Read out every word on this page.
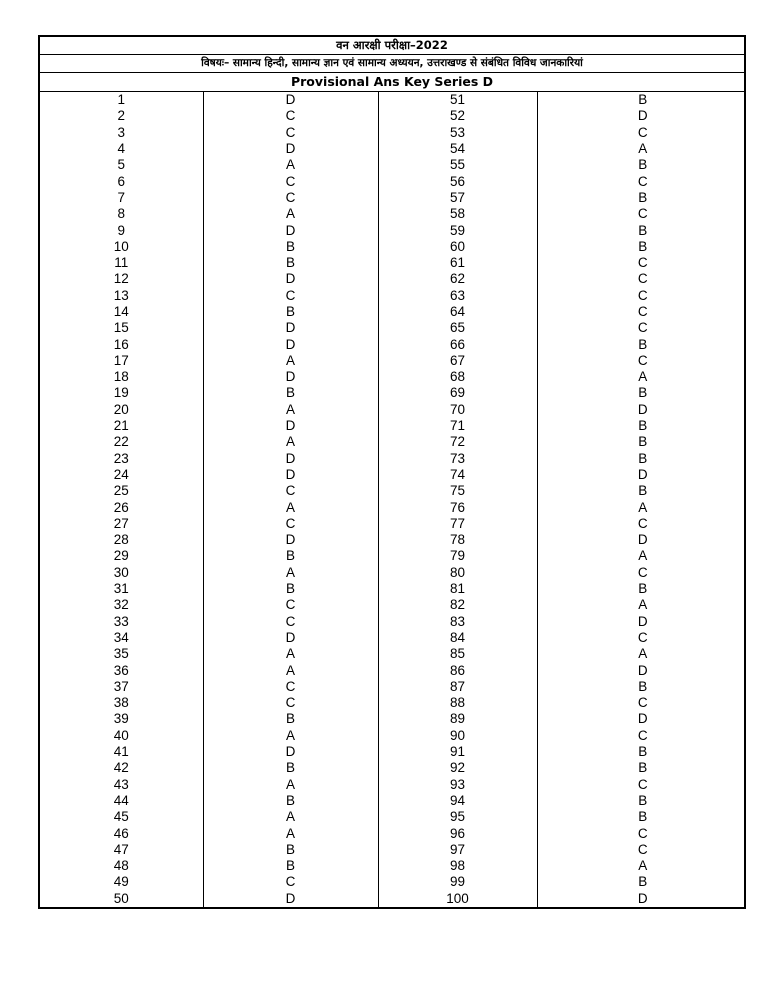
वन आरक्षी परीक्षा–2022
विषयः– सामान्य हिन्दी, सामान्य ज्ञान एवं सामान्य अध्ययन, उत्तराखण्ड से संबंधित विविध जानकारियां
Provisional Ans Key Series D
1	D	51	B
2	C	52	D
3	C	53	C
4	D	54	A
5	A	55	B
6	C	56	C
7	C	57	B
8	A	58	C
9	D	59	B
10	B	60	B
11	B	61	C
12	D	62	C
13	C	63	C
14	B	64	C
15	D	65	C
16	D	66	B
17	A	67	C
18	D	68	A
19	B	69	B
20	A	70	D
21	D	71	B
22	A	72	B
23	D	73	B
24	D	74	D
25	C	75	B
26	A	76	A
27	C	77	C
28	D	78	D
29	B	79	A
30	A	80	C
31	B	81	B
32	C	82	A
33	C	83	D
34	D	84	C
35	A	85	A
36	A	86	D
37	C	87	B
38	C	88	C
39	B	89	D
40	A	90	C
41	D	91	B
42	B	92	B
43	A	93	C
44	B	94	B
45	A	95	B
46	A	96	C
47	B	97	C
48	B	98	A
49	C	99	B
50	D	100	D
